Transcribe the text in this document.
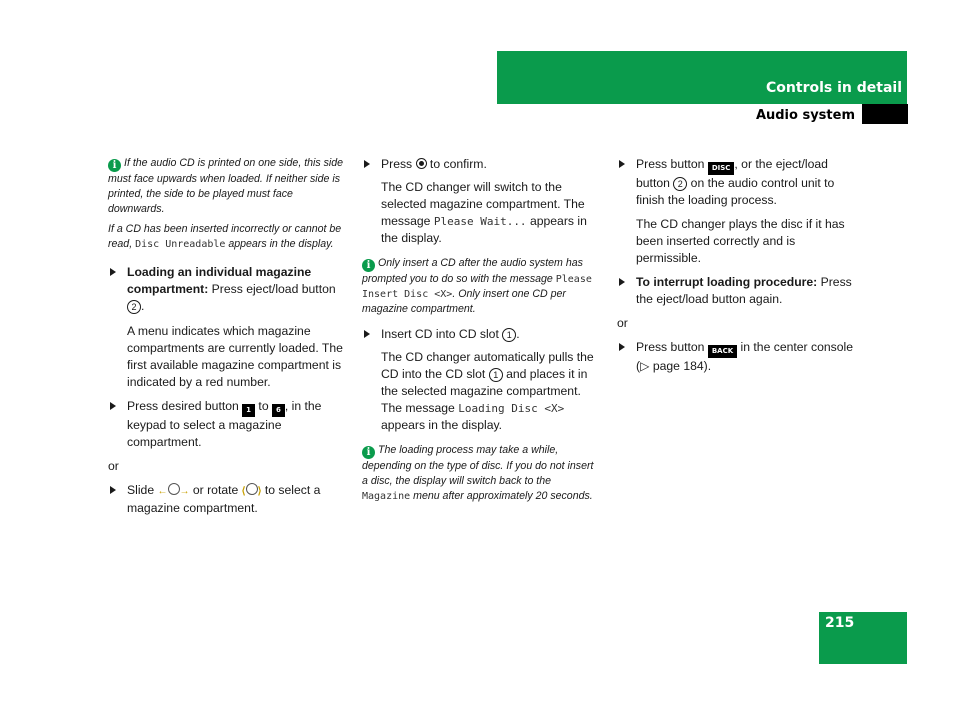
Controls in detail
Audio system

i If the audio CD is printed on one side, this side must face upwards when loaded. If neither side is printed, the side to be played must face downwards.

If a CD has been inserted incorrectly or cannot be read, Disc Unreadable appears in the display.

Loading an individual magazine compartment: Press eject/load button 2 .

A menu indicates which magazine compartments are currently loaded. The first available magazine compartment is indicated by a red number.

Press desired button 1 to 6 , in the keypad to select a magazine compartment.

or

Slide ← → or rotate ⟨ ⟩ to select a magazine compartment.

Press  to confirm.

The CD changer will switch to the selected magazine compartment. The message Please Wait... appears in the display.

i Only insert a CD after the audio system has prompted you to do so with the message Please Insert Disc <X>. Only insert one CD per magazine compartment.

Insert CD into CD slot 1 .

The CD changer automatically pulls the CD into the CD slot 1 and places it in the selected magazine compartment. The message Loading Disc <X> appears in the display.

i The loading process may take a while, depending on the type of disc. If you do not insert a disc, the display will switch back to the Magazine menu after approximately 20 seconds.

Press button DISC , or the eject/load button 2 on the audio control unit to finish the loading process.

The CD changer plays the disc if it has been inserted correctly and is permissible.

To interrupt loading procedure: Press the eject/load button again.

or

Press button BACK in the center console (▷ page 184).

215
